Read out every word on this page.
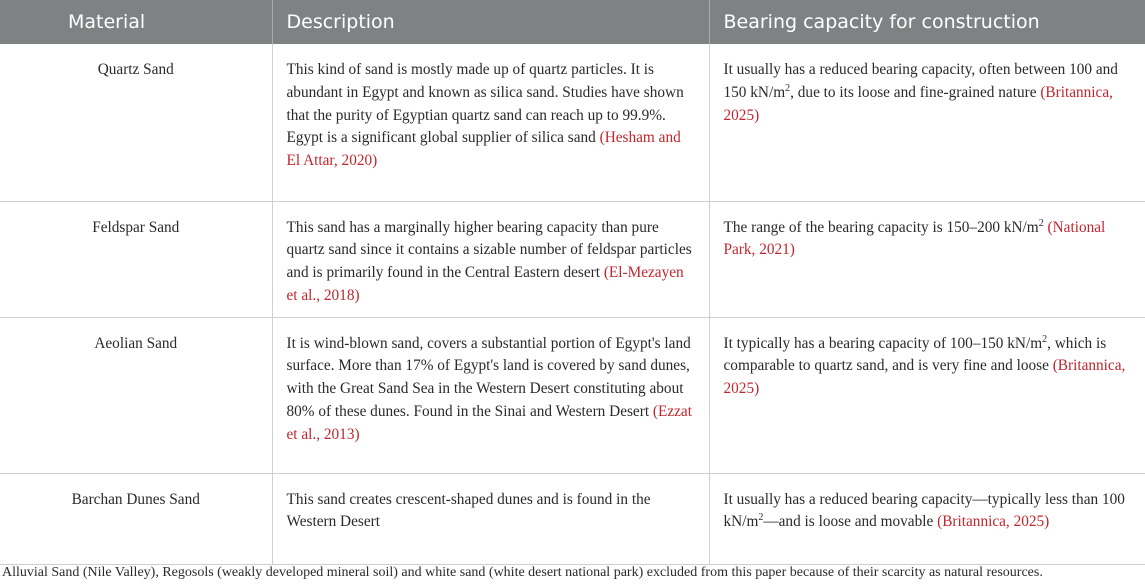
Material	Description	Bearing capacity for construction
Quartz Sand	This kind of sand is mostly made up of quartz particles. It is abundant in Egypt and known as silica sand. Studies have shown that the purity of Egyptian quartz sand can reach up to 99.9%. Egypt is a significant global supplier of silica sand (Hesham and El Attar, 2020)	It usually has a reduced bearing capacity, often between 100 and 150 $kN/m^2$, due to its loose and fine-grained nature (Britannica, 2025)
Feldspar Sand	This sand has a marginally higher bearing capacity than pure quartz sand since it contains a sizable number of feldspar particles and is primarily found in the Central Eastern desert (El-Mezayen et al., 2018)	The range of the bearing capacity is 150–200 $kN/m^2$ (National Park, 2021)
Aeolian Sand	It is wind-blown sand, covers a substantial portion of Egypt's land surface. More than 17% of Egypt's land is covered by sand dunes, with the Great Sand Sea in the Western Desert constituting about 80% of these dunes. Found in the Sinai and Western Desert (Ezzat et al., 2013)	It typically has a bearing capacity of 100–150 $kN/m^2$, which is comparable to quartz sand, and is very fine and loose (Britannica, 2025)
Barchan Dunes Sand	This sand creates crescent-shaped dunes and is found in the Western Desert	It usually has a reduced bearing capacity—typically less than 100 $kN/m^2—and$ is loose and movable (Britannica, 2025)
Alluvial Sand (Nile Valley), Regosols (weakly developed mineral soil) and white sand (white desert national park) excluded from this paper because of their scarcity as natural resources.
